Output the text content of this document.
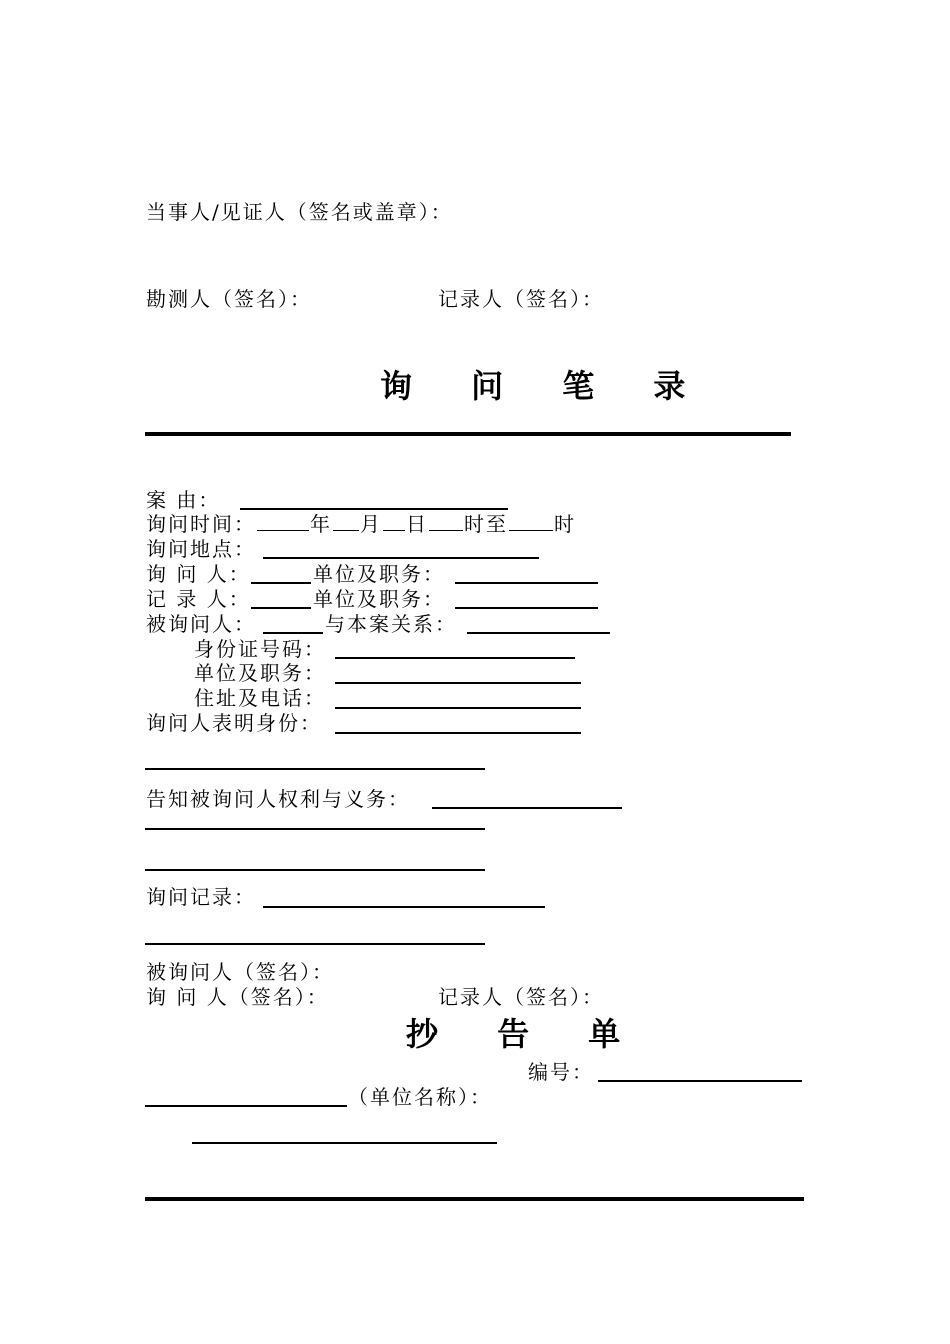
当事人/见证人（签名或盖章）：
勘测人（签名）：	记录人（签名）：
询 问 笔 录
案 由：
询问时间：	年 月 日 时至 时
询问地点：
询 问 人：	单位及职务：
记 录 人：	单位及职务：
被询问人：	与本案关系：
身份证号码：
单位及职务：
住址及电话：
询问人表明身份：
告知被询问人权利与义务：
询问记录：
被询问人（签名）：
询 问 人（签名）：	记录人（签名）：
抄 告 单
编号：
（单位名称）：
